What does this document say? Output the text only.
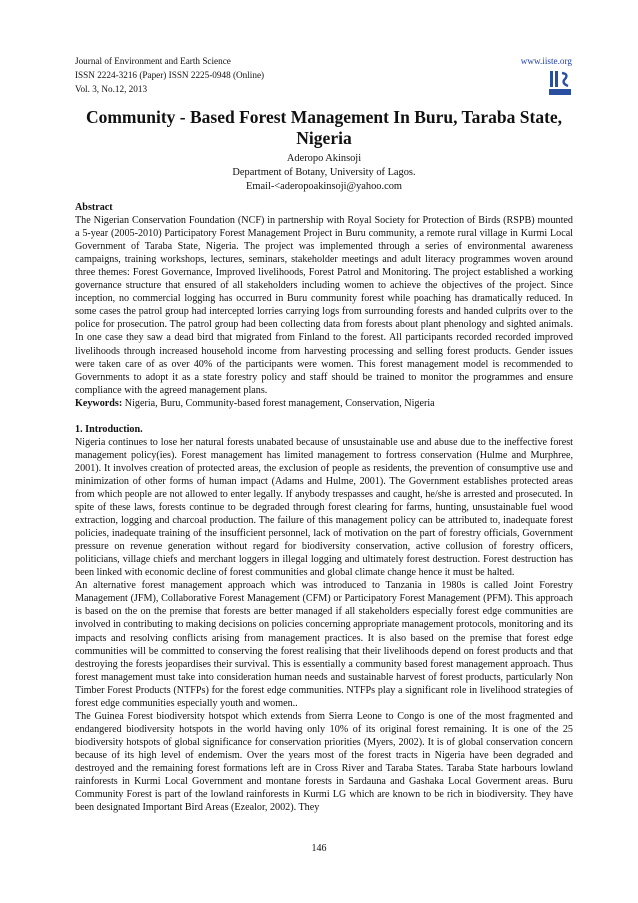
Journal of Environment and Earth Science
ISSN 2224-3216 (Paper) ISSN 2225-0948 (Online)
Vol. 3, No.12, 2013
www.iiste.org
Community - Based Forest Management In Buru, Taraba State,
Nigeria
Aderopo Akinsoji
Department of Botany, University of Lagos.
Email-<aderopoakinsoji@yahoo.com
Abstract

The Nigerian Conservation Foundation (NCF) in partnership with Royal Society for Protection of Birds (RSPB) mounted a 5-year (2005-2010) Participatory Forest Management Project in Buru community, a remote rural village in Kurmi Local Government of Taraba State, Nigeria. The project was implemented through a series of environmental awareness campaigns, training workshops, lectures, seminars, stakeholder meetings and adult literacy programmes woven around three themes: Forest Governance, Improved livelihoods, Forest Patrol and Monitoring. The project established a working governance structure that ensured of all stakeholders including women to achieve the objectives of the project. Since inception, no commercial logging has occurred in Buru community forest while poaching has dramatically reduced. In some cases the patrol group had intercepted lorries carrying logs from surrounding forests and handed culprits over to the police for prosecution. The patrol group had been collecting data from forests about plant phenology and sighted animals. In one case they saw a dead bird that migrated from Finland to the forest. All participants recorded recorded improved livelihoods through increased household income from harvesting processing and selling forest products. Gender issues were taken care of as over 40% of the participants were women. This forest management model is recommended to Governments to adopt it as a state forestry policy and staff should be trained to monitor the programmes and ensure compliance with the agreed management plans.

Keywords: Nigeria, Buru, Community-based forest management, Conservation, Nigeria

1. Introduction.

Nigeria continues to lose her natural forests unabated because of unsustainable use and abuse due to the ineffective forest management policy(ies). Forest management has limited management to fortress conservation (Hulme and Murphree, 2001). It involves creation of protected areas, the exclusion of people as residents, the prevention of consumptive use and minimization of other forms of human impact (Adams and Hulme, 2001). The Government establishes protected areas from which people are not allowed to enter legally. If anybody trespasses and caught, he/she is arrested and prosecuted. In spite of these laws, forests continue to be degraded through forest clearing for farms, hunting, unsustainable fuel wood extraction, logging and charcoal production. The failure of this management policy can be attributed to, inadequate forest policies, inadequate training of the insufficient personnel, lack of motivation on the part of forestry officials, Government pressure on revenue generation without regard for biodiversity conservation, active collusion of forestry officers, politicians, village chiefs and merchant loggers in illegal logging and ultimately forest destruction. Forest destruction has been linked with economic decline of forest communities and global climate change hence it must be halted.

An alternative forest management approach which was introduced to Tanzania in 1980s is called Joint Forestry Management (JFM), Collaborative Forest Management (CFM) or Participatory Forest Management (PFM). This approach is based on the on the premise that forests are better managed if all stakeholders especially forest edge communities are involved in contributing to making decisions on policies concerning appropriate management protocols, monitoring and its impacts and resolving conflicts arising from management practices. It is also based on the premise that forest edge communities will be committed to conserving the forest realising that their livelihoods depend on forest products and that destroying the forests jeopardises their survival. This is essentially a community based forest management approach. Thus forest management must take into consideration human needs and sustainable harvest of forest products, particularly Non Timber Forest Products (NTFPs) for the forest edge communities. NTFPs play a significant role in livelihood strategies of forest edge communities especially youth and women..

The Guinea Forest biodiversity hotspot which extends from Sierra Leone to Congo is one of the most fragmented and endangered biodiversity hotspots in the world having only 10% of its original forest remaining. It is one of the 25 biodiversity hotspots of global significance for conservation priorities (Myers, 2002). It is of global conservation concern because of its high level of endemism. Over the years most of the forest tracts in Nigeria have been degraded and destroyed and the remaining forest formations left are in Cross River and Taraba States. Taraba State harbours lowland rainforests in Kurmi Local Government and montane forests in Sardauna and Gashaka Local Goverment areas. Buru Community Forest is part of the lowland rainforests in Kurmi LG which are known to be rich in biodiversity. They have been designated Important Bird Areas (Ezealor, 2002). They

146
